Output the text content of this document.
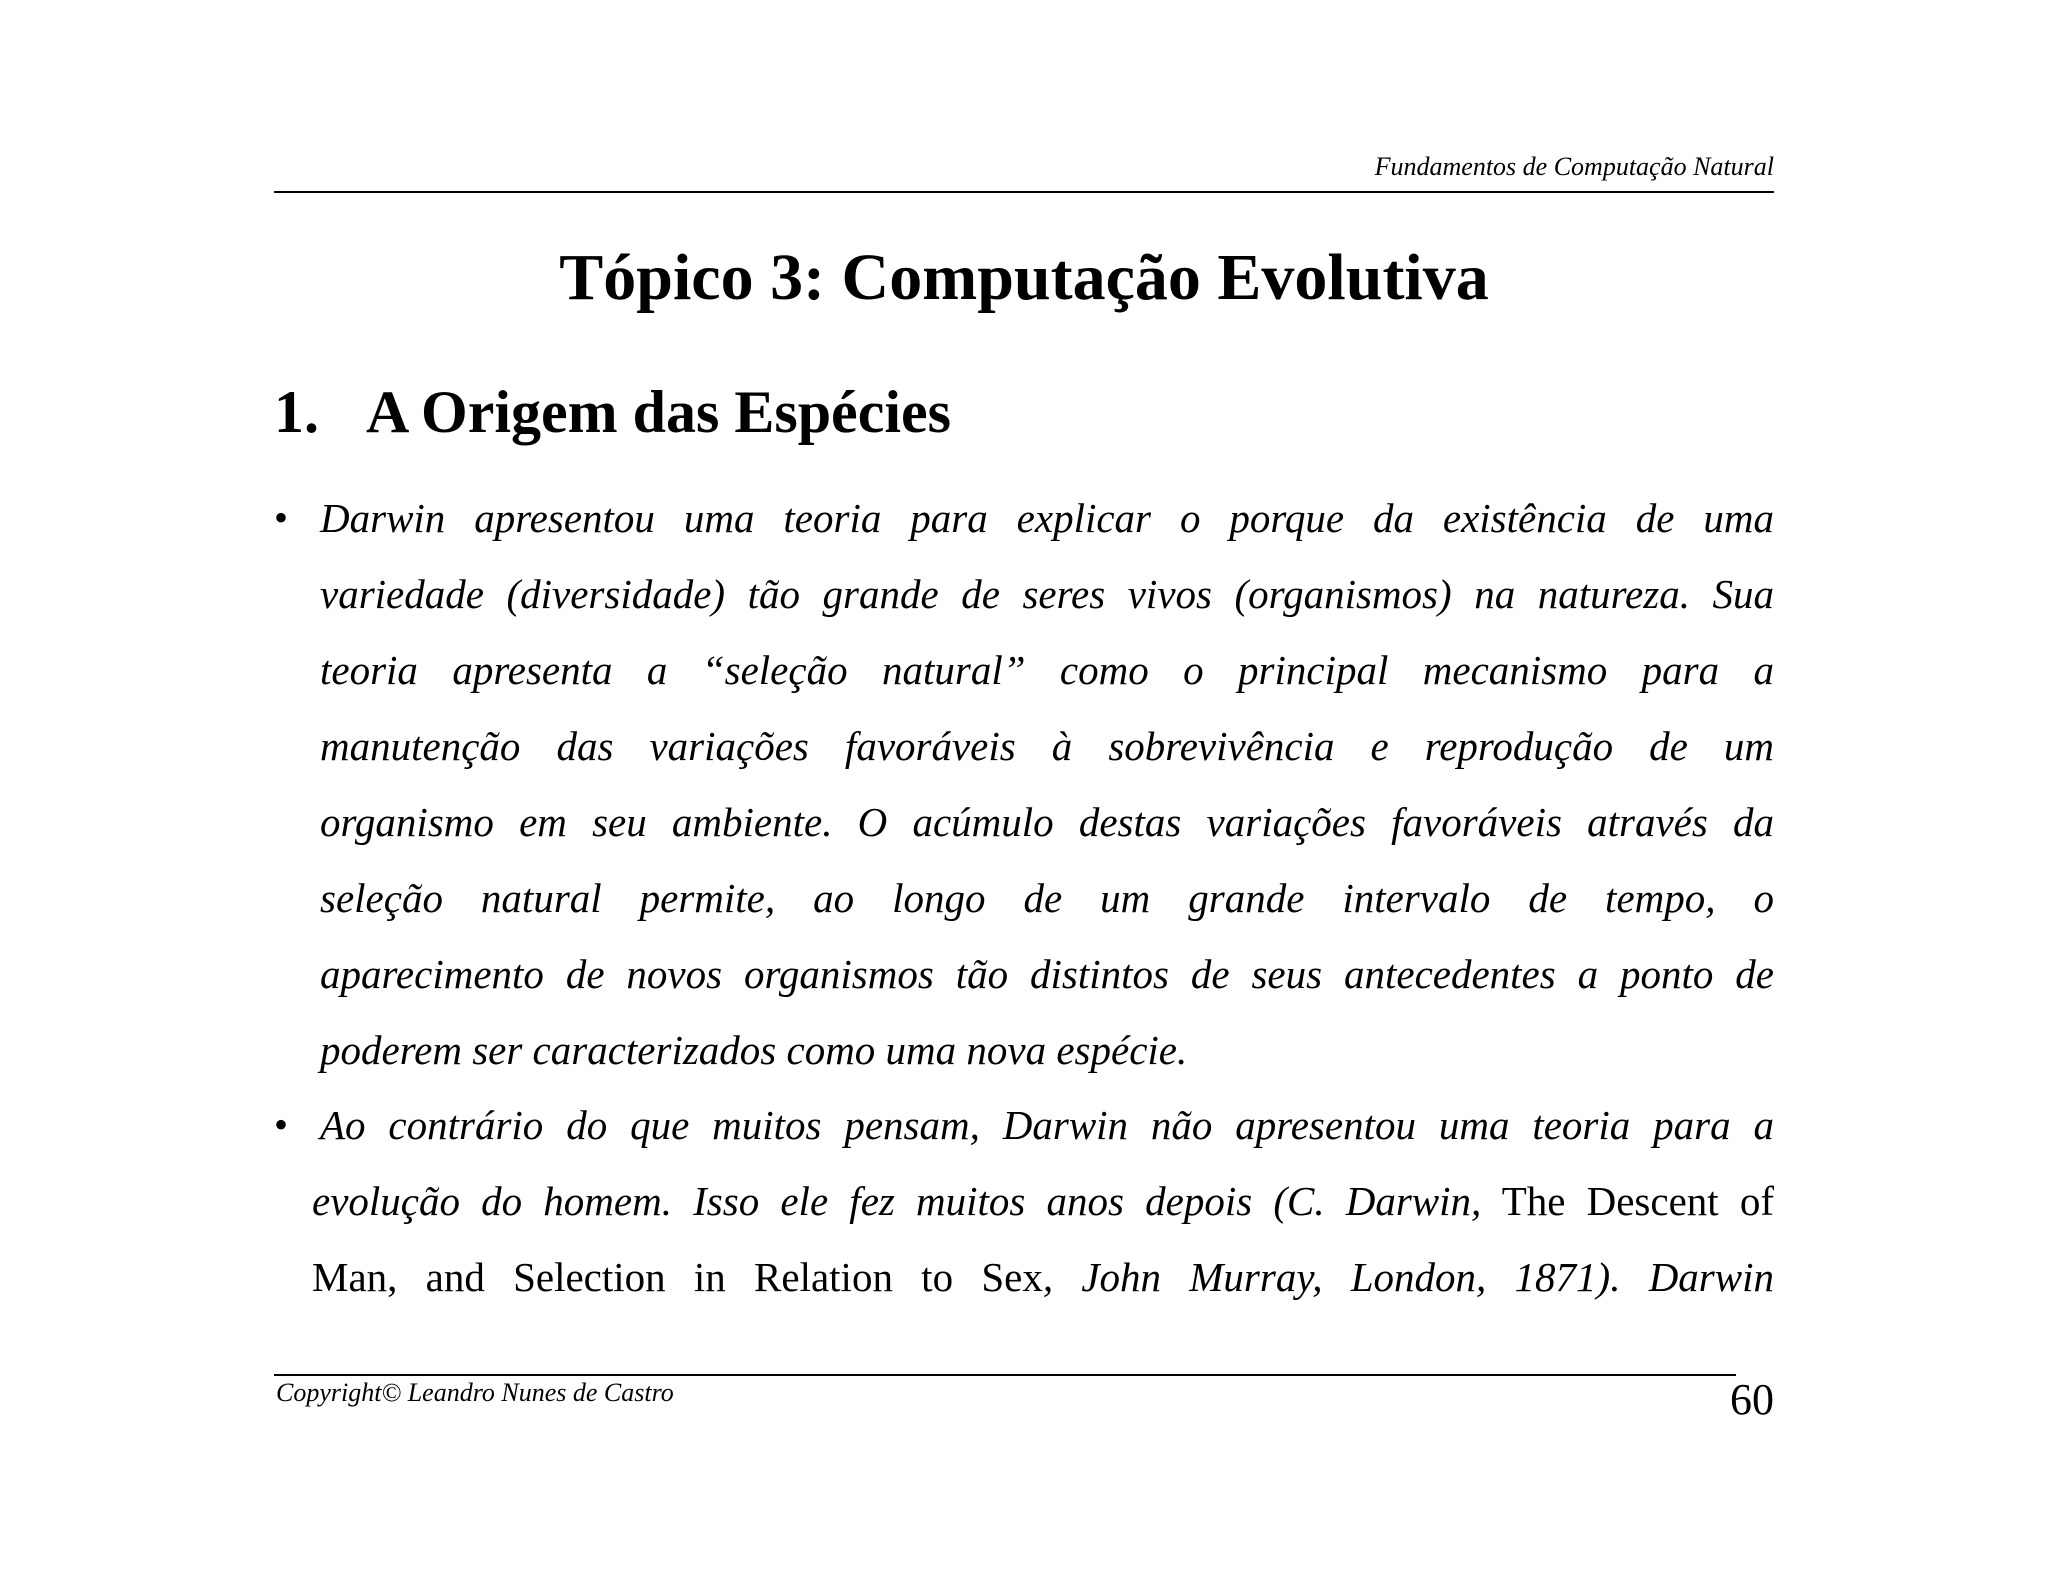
Fundamentos de Computação Natural
Tópico 3: Computação Evolutiva
1. A Origem das Espécies
• Darwin apresentou uma teoria para explicar o porque da existência de uma
variedade (diversidade) tão grande de seres vivos (organismos) na natureza. Sua
teoria apresenta a “seleção natural” como o principal mecanismo para a
manutenção das variações favoráveis à sobrevivência e reprodução de um
organismo em seu ambiente. O acúmulo destas variações favoráveis através da
seleção natural permite, ao longo de um grande intervalo de tempo, o
aparecimento de novos organismos tão distintos de seus antecedentes a ponto de
poderem ser caracterizados como uma nova espécie.
• Ao contrário do que muitos pensam, Darwin não apresentou uma teoria para a
evolução do homem. Isso ele fez muitos anos depois (C. Darwin, The Descent of
Man, and Selection in Relation to Sex, John Murray, London, 1871). Darwin
Copyright© Leandro Nunes de Castro	60
